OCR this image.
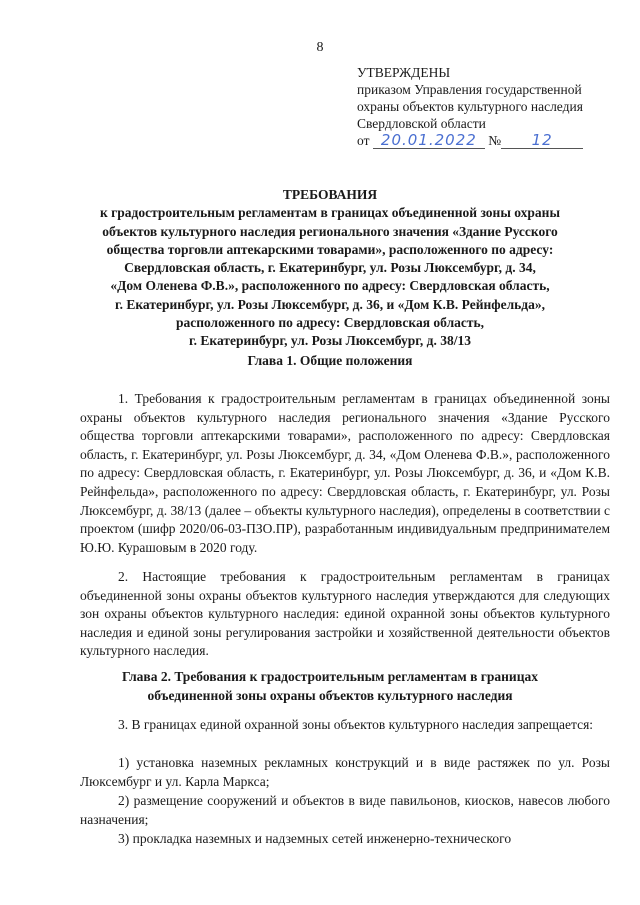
8
УТВЕРЖДЕНЫ
приказом Управления государственной
охраны объектов культурного наследия
Свердловской области
от 20.01.2022 № 12
ТРЕБОВАНИЯ
к градостроительным регламентам в границах объединенной зоны охраны
объектов культурного наследия регионального значения «Здание Русского
общества торговли аптекарскими товарами», расположенного по адресу:
Свердловская область, г. Екатеринбург, ул. Розы Люксембург, д. 34,
«Дом Оленева Ф.В.», расположенного по адресу: Свердловская область,
г. Екатеринбург, ул. Розы Люксембург, д. 36, и «Дом К.В. Рейнфельда»,
расположенного по адресу: Свердловская область,
г. Екатеринбург, ул. Розы Люксембург, д. 38/13
Глава 1. Общие положения
1. Требования к градостроительным регламентам в границах объединенной зоны охраны объектов культурного наследия регионального значения «Здание Русского общества торговли аптекарскими товарами», расположенного по адресу: Свердловская область, г. Екатеринбург, ул. Розы Люксембург, д. 34, «Дом Оленева Ф.В.», расположенного по адресу: Свердловская область, г. Екатеринбург, ул. Розы Люксембург, д. 36, и «Дом К.В. Рейнфельда», расположенного по адресу: Свердловская область, г. Екатеринбург, ул. Розы Люксембург, д. 38/13 (далее – объекты культурного наследия), определены в соответствии с проектом (шифр 2020/06-03-ПЗО.ПР), разработанным индивидуальным предпринимателем Ю.Ю. Курашовым в 2020 году.
2. Настоящие требования к градостроительным регламентам в границах объединенной зоны охраны объектов культурного наследия утверждаются для следующих зон охраны объектов культурного наследия: единой охранной зоны объектов культурного наследия и единой зоны регулирования застройки и хозяйственной деятельности объектов культурного наследия.
Глава 2. Требования к градостроительным регламентам в границах
объединенной зоны охраны объектов культурного наследия
3. В границах единой охранной зоны объектов культурного наследия запрещается:
1) установка наземных рекламных конструкций и в виде растяжек по ул. Розы Люксембург и ул. Карла Маркса;
2) размещение сооружений и объектов в виде павильонов, киосков, навесов любого назначения;
3) прокладка наземных и надземных сетей инженерно-технического
